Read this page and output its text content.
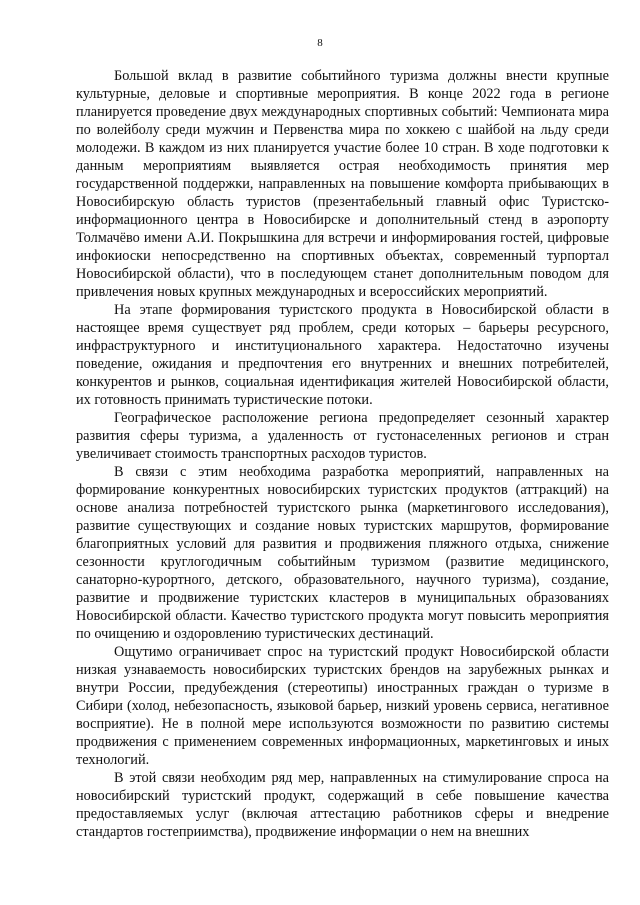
8

Большой вклад в развитие событийного туризма должны внести крупные культурные, деловые и спортивные мероприятия. В конце 2022 года в регионе планируется проведение двух международных спортивных событий: Чемпионата мира по волейболу среди мужчин и Первенства мира по хоккею с шайбой на льду среди молодежи. В каждом из них планируется участие более 10 стран. В ходе подготовки к данным мероприятиям выявляется острая необходимость принятия мер государственной поддержки, направленных на повышение комфорта прибывающих в Новосибирскую область туристов (презентабельный главный офис Туристско-информационного центра в Новосибирске и дополнительный стенд в аэропорту Толмачёво имени А.И. Покрышкина для встречи и информирования гостей, цифровые инфокиоски непосредственно на спортивных объектах, современный турпортал Новосибирской области), что в последующем станет дополнительным поводом для привлечения новых крупных международных и всероссийских мероприятий.

На этапе формирования туристского продукта в Новосибирской области в настоящее время существует ряд проблем, среди которых – барьеры ресурсного, инфраструктурного и институционального характера. Недостаточно изучены поведение, ожидания и предпочтения его внутренних и внешних потребителей, конкурентов и рынков, социальная идентификация жителей Новосибирской области, их готовность принимать туристические потоки.

Географическое расположение региона предопределяет сезонный характер развития сферы туризма, а удаленность от густонаселенных регионов и стран увеличивает стоимость транспортных расходов туристов.

В связи с этим необходима разработка мероприятий, направленных на формирование конкурентных новосибирских туристских продуктов (аттракций) на основе анализа потребностей туристского рынка (маркетингового исследования), развитие существующих и создание новых туристских маршрутов, формирование благоприятных условий для развития и продвижения пляжного отдыха, снижение сезонности круглогодичным событийным туризмом (развитие медицинского, санаторно-курортного, детского, образовательного, научного туризма), создание, развитие и продвижение туристских кластеров в муниципальных образованиях Новосибирской области. Качество туристского продукта могут повысить мероприятия по очищению и оздоровлению туристических дестинаций.

Ощутимо ограничивает спрос на туристский продукт Новосибирской области низкая узнаваемость новосибирских туристских брендов на зарубежных рынках и внутри России, предубеждения (стереотипы) иностранных граждан о туризме в Сибири (холод, небезопасность, языковой барьер, низкий уровень сервиса, негативное восприятие). Не в полной мере используются возможности по развитию системы продвижения с применением современных информационных, маркетинговых и иных технологий.

В этой связи необходим ряд мер, направленных на стимулирование спроса на новосибирский туристский продукт, содержащий в себе повышение качества предоставляемых услуг (включая аттестацию работников сферы и внедрение стандартов гостеприимства), продвижение информации о нем на внешних
